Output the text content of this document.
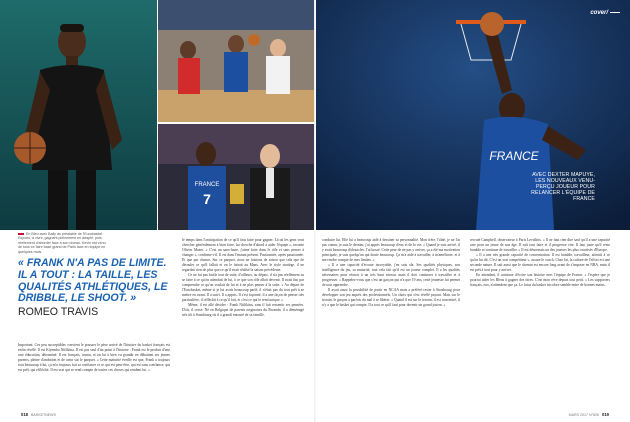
FRANCE
7
FRANCE
cover/
AVEC DEXTER MAPUYE, LES NOUVEAUX VENU-PERÇU JOUEUR POUR RELANCER L'ÉQUIPE DE FRANCE
En Bleu avec Bally au préalable de l'Eurobasket Espoirs, a vivre, gagnant pleinement en adapté, puis réellement d'aborder face à son niveau. Kevin est venu de tous ce faire basé grand de Paris face en équipe en quelques mois.
« FRANK N'A PAS DE LIMITE. IL A TOUT : LA TAILLE, LES QUALITÉS ATHLÉTIQUES, LE DRIBBLE, LE SHOOT. »
ROMEO TRAVIS

Important. Ces peu susceptibles convient le pousser le pèse arrivé de l'histoire du basket français est enfin révélé. Il est Kiyemba Ntilikina. Il est pas seul d'un point à l'histoire : Frank est le produit d'une rare éducation, déterminé. Il est français, connu, et on lui à bien vu grandir en débattant ses jeunes parents, pleine d'ambition et de cœur sur le parquet. « Cette maturité éveille est que, Frank a toujours tout beaucoup à lui, ça m'a toujours fait sa confiance et ce qui est peut-être, qui est sans confiance, qui est prêt, qui réfléchit. Il est vrai qui se rend compte de toutes ces choses qui rendent lui. »

le temps dans l'anticipation de ce qu'il faut faire pour gagner. Là où les gens vont chercher généralement à bien faire, lui cherche d'abord à aider l'équipe », raconte Olivier Mazet. « C'est un sans-faute, j'aime faire dans le rôle et sans penser à changer », confirme-t-il. Il est dans l'instant présent. Passionnée, après passionnée. Et que par chance. Sur ce parquet, nous ne faisions de saison que cela que de dérouler ce qu'il fallait et on le faisait au Mans. Avec le style stratège, il ne regardait rien de plus que ce qu'il avait réalisé la saison précédente.

Ce ne fut pas facile tout de suite, d'ailleurs, au départ, il n'a pas réellement su se faire à ce qu'on attendait de lui, à ce que son rôle allait devenir. Il avait fini par comprendre ce qu'on voulait de lui et à ne plus penser à la suite. « Au départ de l'Eurobasket, même si je lui avais beaucoup parlé, il n'était pas du tout prêt à se mettre en avant. Il a suivi. Il a appris. Il s'est façonné, il a une façon de penser très particulière, il réfléchit à ce qu'il fait, et c'est ce qui le rend unique. »

Même, il est allé décider : Frank Ntilikina, sans il fait ressentir ses pensées. D'où, il cesse. Né en Belgique de parents originaires du Rwanda, il a déménagé très tôt à Strasbourg où il a grandi entouré de sa famille.

conduire lui. Elle lui a beaucoup aidé à dessiner sa personnalité. Mon frère, l'aîné, je ne l'ai pas connu, je suis le dernier, j'ai appris beaucoup d'eux et de la vie. « Quand je suis arrivé, il y avait beaucoup d'obstacles. J'ai bossé. Cette peur de ne pas y arriver, ça a été ma motivation principale, je suis quelqu'un qui doute beaucoup. Ça m'a aidé à travailler, à m'améliorer, et à me rendre compte de mes limites. »

« Il a une capacité d'écoute incroyable, j'en suis sûr. Ses qualités physiques, son intelligence du jeu, sa maturité, tout cela fait qu'il est un joueur complet. Il a les qualités nécessaires pour réussir à un très haut niveau, mais il doit continuer à travailler et à progresser. » Rappelez-vous que c'est un garçon qui n'a que 19 ans, cette jeunesse lui permet de tout apprendre.

Il avait aussi la possibilité de partir en NCAA mais a préféré rester à Strasbourg pour développer son jeu auprès des professionnels. Un choix qui s'est révélé payant. Mais sur le terrain, le garçon a parfois du mal à se libérer. « Quand il est sur le terrain, il est concentré, il n'y a que le basket qui compte. Il a tout ce qu'il faut pour devenir un grand joueur. »

recruté Campbell, observateur à Paris Levallois. « Il ne faut rien dire sauf qu'il a une capacité rare pour un jeune de son âge. Il sait tout faire et il progresse vite. Il faut juste qu'il reste humble et continue de travailler. » Il est désormais un des joueurs les plus courtisés d'Europe.

« Il a une très grande capacité de concentration. Il est humble, travailleur, attentif à ce qu'on lui dit. C'est un vrai compétiteur », assure le coach. Chez lui, la culture de l'effort est une seconde nature. Il sait aussi que le chemin est encore long avant de s'imposer en NBA, mais il est prêt à tout pour y arriver.

En attendant, il continue d'écrire son histoire avec l'équipe de France. « J'espère que je pourrai aider les Bleus à gagner des titres. C'est mon rêve depuis tout petit. » Les supporters français, eux, n'attendent que ça. Le futur du basket tricolore semble entre de bonnes mains.

018 BASKETNEWS	MARS 2017 N°826 019
